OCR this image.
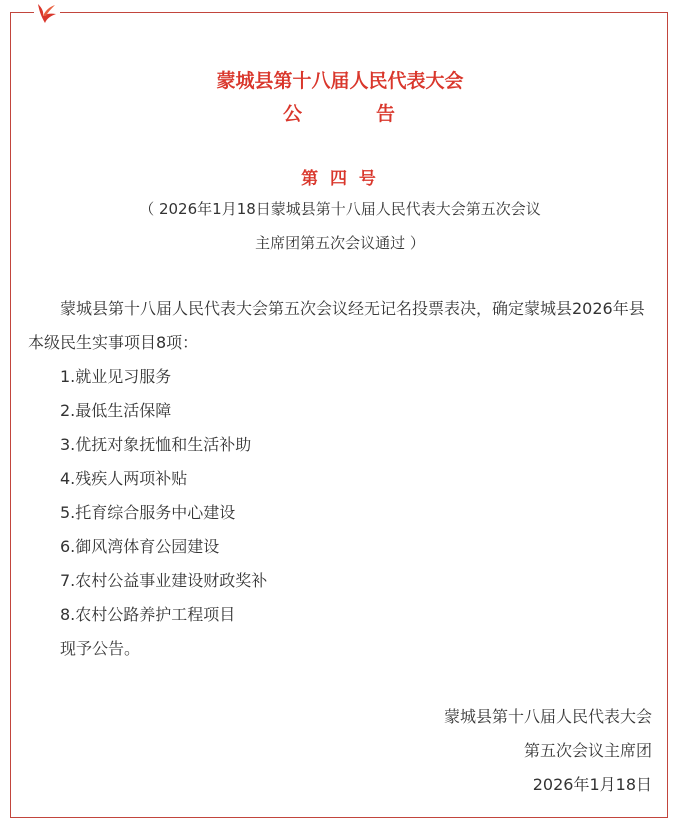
蒙城县第十八届人民代表大会
公	告
第 四 号
（ 2026年1月18日蒙城县第十八届人民代表大会第五次会议
主席团第五次会议通过 ）
蒙城县第十八届人民代表大会第五次会议经无记名投票表决，确定蒙城县2026年县本级民生实事项目8项：
1.就业见习服务
2.最低生活保障
3.优抚对象抚恤和生活补助
4.残疾人两项补贴
5.托育综合服务中心建设
6.御风湾体育公园建设
7.农村公益事业建设财政奖补
8.农村公路养护工程项目
现予公告。
蒙城县第十八届人民代表大会
第五次会议主席团
2026年1月18日
